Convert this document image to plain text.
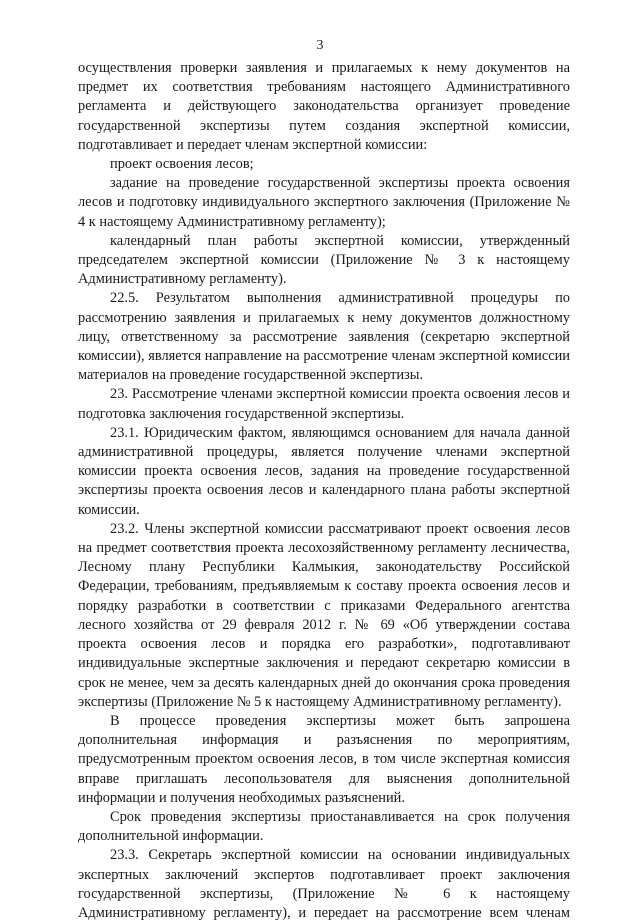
3

осуществления проверки заявления и прилагаемых к нему документов на предмет их соответствия требованиям настоящего Административного регламента и действующего законодательства организует проведение государственной экспертизы путем создания экспертной комиссии, подготавливает и передает членам экспертной комиссии:

проект освоения лесов;

задание на проведение государственной экспертизы проекта освоения лесов и подготовку индивидуального экспертного заключения (Приложение № 4 к настоящему Административному регламенту);

календарный план работы экспертной комиссии, утвержденный председателем экспертной комиссии (Приложение № 3 к настоящему Административному регламенту).

22.5. Результатом выполнения административной процедуры по рассмотрению заявления и прилагаемых к нему документов должностному лицу, ответственному за рассмотрение заявления (секретарю экспертной комиссии), является направление на рассмотрение членам экспертной комиссии материалов на проведение государственной экспертизы.

23. Рассмотрение членами экспертной комиссии проекта освоения лесов и подготовка заключения государственной экспертизы.

23.1. Юридическим фактом, являющимся основанием для начала данной административной процедуры, является получение членами экспертной комиссии проекта освоения лесов, задания на проведение государственной экспертизы проекта освоения лесов и календарного плана работы экспертной комиссии.

23.2. Члены экспертной комиссии рассматривают проект освоения лесов на предмет соответствия проекта лесохозяйственному регламенту лесничества, Лесному плану Республики Калмыкия, законодательству Российской Федерации, требованиям, предъявляемым к составу проекта освоения лесов и порядку разработки в соответствии с приказами Федерального агентства лесного хозяйства от 29 февраля 2012 г. № 69 «Об утверждении состава проекта освоения лесов и порядка его разработки», подготавливают индивидуальные экспертные заключения и передают секретарю комиссии в срок не менее, чем за десять календарных дней до окончания срока проведения экспертизы (Приложение № 5 к настоящему Административному регламенту).

В процессе проведения экспертизы может быть запрошена дополнительная информация и разъяснения по мероприятиям, предусмотренным проектом освоения лесов, в том числе экспертная комиссия вправе приглашать лесопользователя для выяснения дополнительной информации и получения необходимых разъяснений.

Срок проведения экспертизы приостанавливается на срок получения дополнительной информации.

23.3. Секретарь экспертной комиссии на основании индивидуальных экспертных заключений экспертов подготавливает проект заключения государственной экспертизы, (Приложение № 6 к настоящему Административному регламенту), и передает на рассмотрение всем членам
